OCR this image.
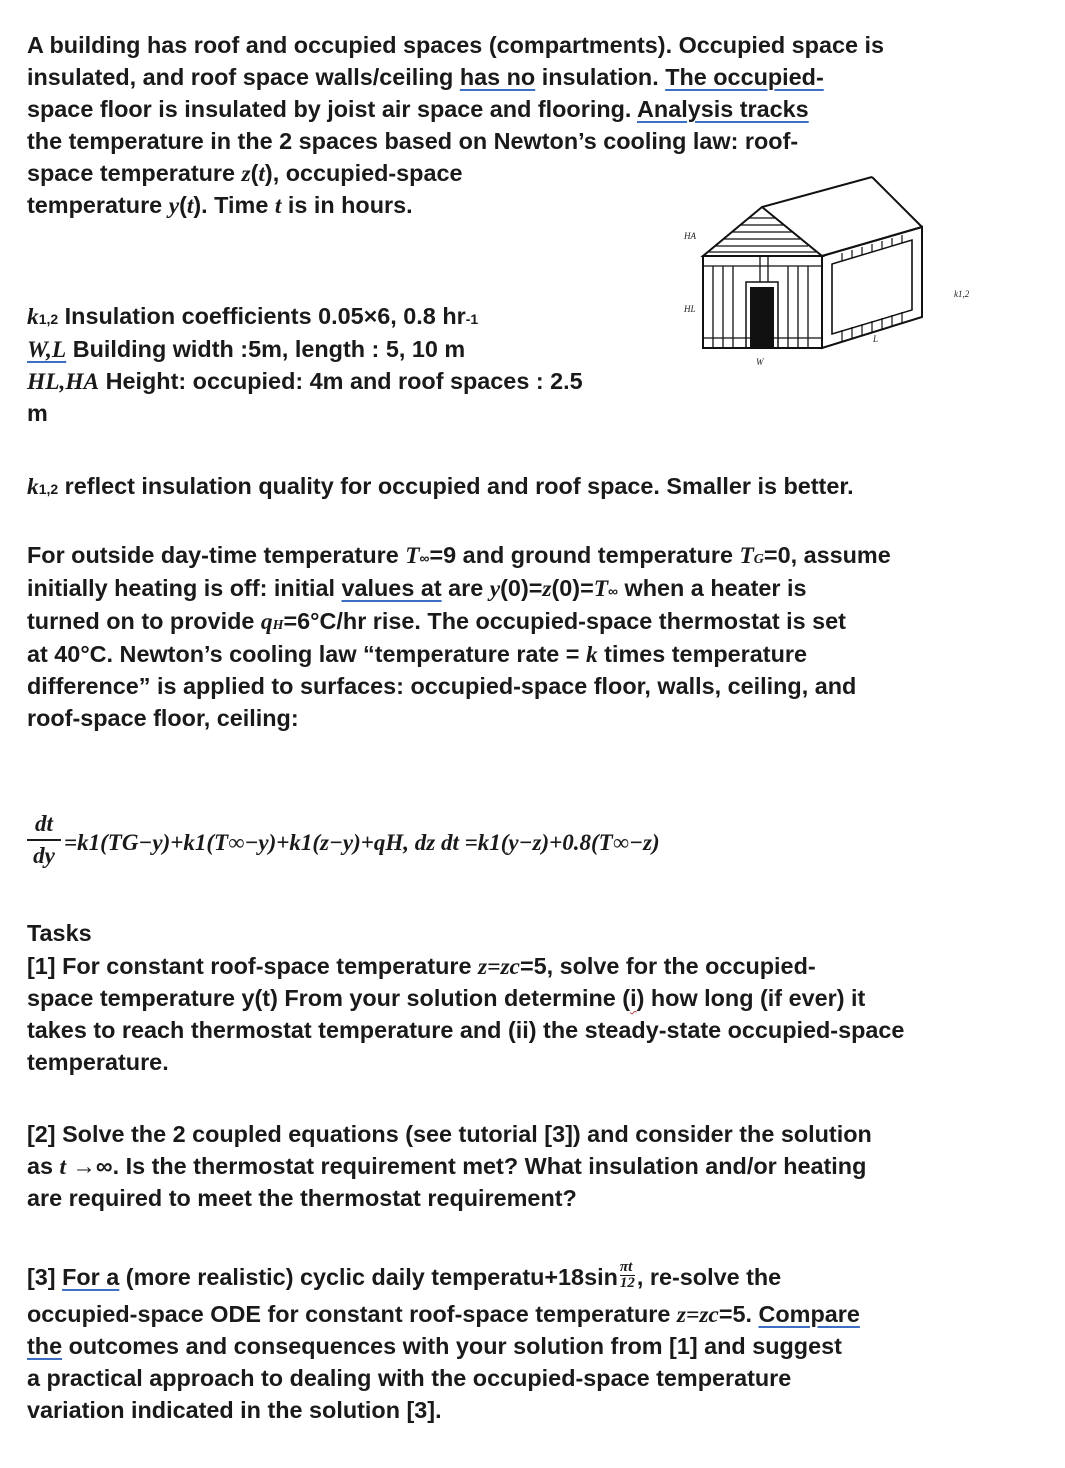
A building has roof and occupied spaces (compartments). Occupied space is
insulated, and roof space walls/ceiling has no insulation. The occupied-
space floor is insulated by joist air space and flooring. Analysis tracks
the temperature in the 2 spaces based on Newton’s cooling law: roof-
space temperature z(t), occupied-space
temperature y(t). Time t is in hours.
k1,2 Insulation coefficients 0.05×6, 0.8 hr-1
W,L Building width :5m, length : 5, 10 m
HL,HA Height: occupied: 4m and roof spaces : 2.5
m
HA
HL
W
L
k1,2
k1,2 reflect insulation quality for occupied and roof space. Smaller is better.
For outside day-time temperature T∞=9 and ground temperature TG=0, assume
initially heating is off: initial values at are y(0)=z(0)=T∞ when a heater is
turned on to provide qH=6°C/hr rise. The occupied-space thermostat is set
at 40°C. Newton’s cooling law “temperature rate = k times temperature
difference” is applied to surfaces: occupied-space floor, walls, ceiling, and
roof-space floor, ceiling:
dt
dy
=k1(TG−y)+k1(T∞−y)+k1(z−y)+qH, dz dt =k1(y−z)+0.8(T∞−z)
Tasks
[1] For constant roof-space temperature z=zc=5, solve for the occupied-
space temperature y(t) From your solution determine (i) how long (if ever) it
takes to reach thermostat temperature and (ii) the steady-state occupied-space
temperature.
[2] Solve the 2 coupled equations (see tutorial [3]) and consider the solution
as t →∞. Is the thermostat requirement met? What insulation and/or heating
are required to meet the thermostat requirement?
[3] For a (more realistic) cyclic daily temperatu+18sin $\frac{\pi t}{12}$ , re-solve the
occupied-space ODE for constant roof-space temperature z=zc=5. Compare
the outcomes and consequences with your solution from [1] and suggest
a practical approach to dealing with the occupied-space temperature
variation indicated in the solution [3].
